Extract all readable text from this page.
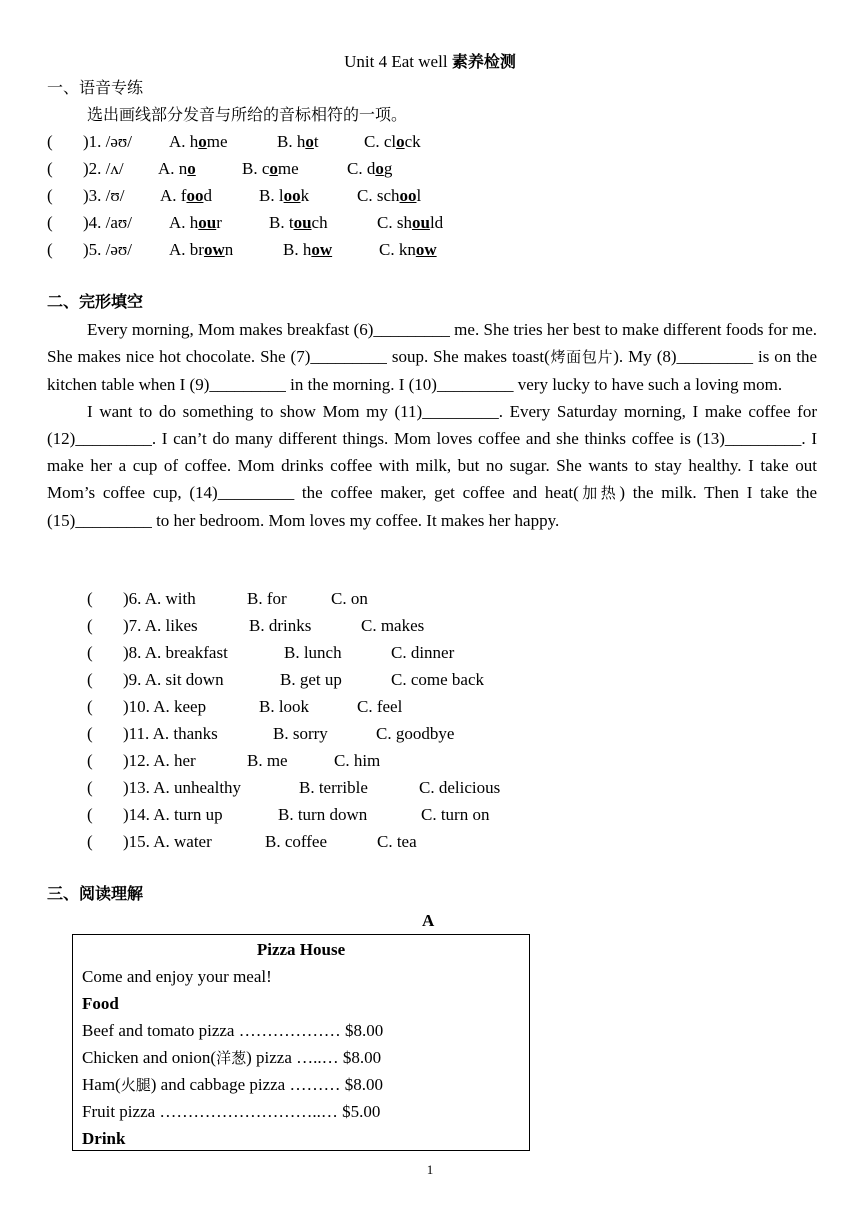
Unit 4 Eat well 素养检测
一、语音专练
选出画线部分发音与所给的音标相符的一项。
( )1. /əʊ/ A. home	B. hot	C. clock
( )2. /ʌ/ A. no	B. come	C. dog
( )3. /ʊ/ A. food	B. look	C. school
( )4. /aʊ/ A. hour	B. touch	C. should
( )5. /əʊ/ A. brown	B. how	C. know
二、完形填空

Every morning, Mom makes breakfast (6)_________ me. She tries her best to make different foods for me. She makes nice hot chocolate. She (7)_________ soup. She makes toast(烤面包片). My (8)_________ is on the kitchen table when I (9)_________ in the morning. I (10)_________ very lucky to have such a loving mom.

I want to do something to show Mom my (11)_________. Every Saturday morning, I make coffee for (12)_________. I can’t do many different things. Mom loves coffee and she thinks coffee is (13)_________. I make her a cup of coffee. Mom drinks coffee with milk, but no sugar. She wants to stay healthy. I take out Mom’s coffee cup, (14)_________ the coffee maker, get coffee and heat(加热) the milk. Then I take the (15)_________ to her bedroom. Mom loves my coffee. It makes her happy.

( )6. A. with	B. for	C. on
( )7. A. likes	B. drinks	C. makes
( )8. A. breakfast	B. lunch	C. dinner
( )9. A. sit down	B. get up	C. come back
( )10. A. keep	B. look	C. feel
( )11. A. thanks	B. sorry	C. goodbye
( )12. A. her	B. me	C. him
( )13. A. unhealthy	B. terrible	C. delicious
( )14. A. turn up	B. turn down	C. turn on
( )15. A. water	B. coffee	C. tea
三、阅读理解
A
Pizza House
Come and enjoy your meal!
Food
Beef and tomato pizza ……………… $8.00
Chicken and onion(洋葱) pizza …..… $8.00
Ham(火腿) and cabbage pizza ……… $8.00
Fruit pizza ………………………..… $5.00
Drink
1
